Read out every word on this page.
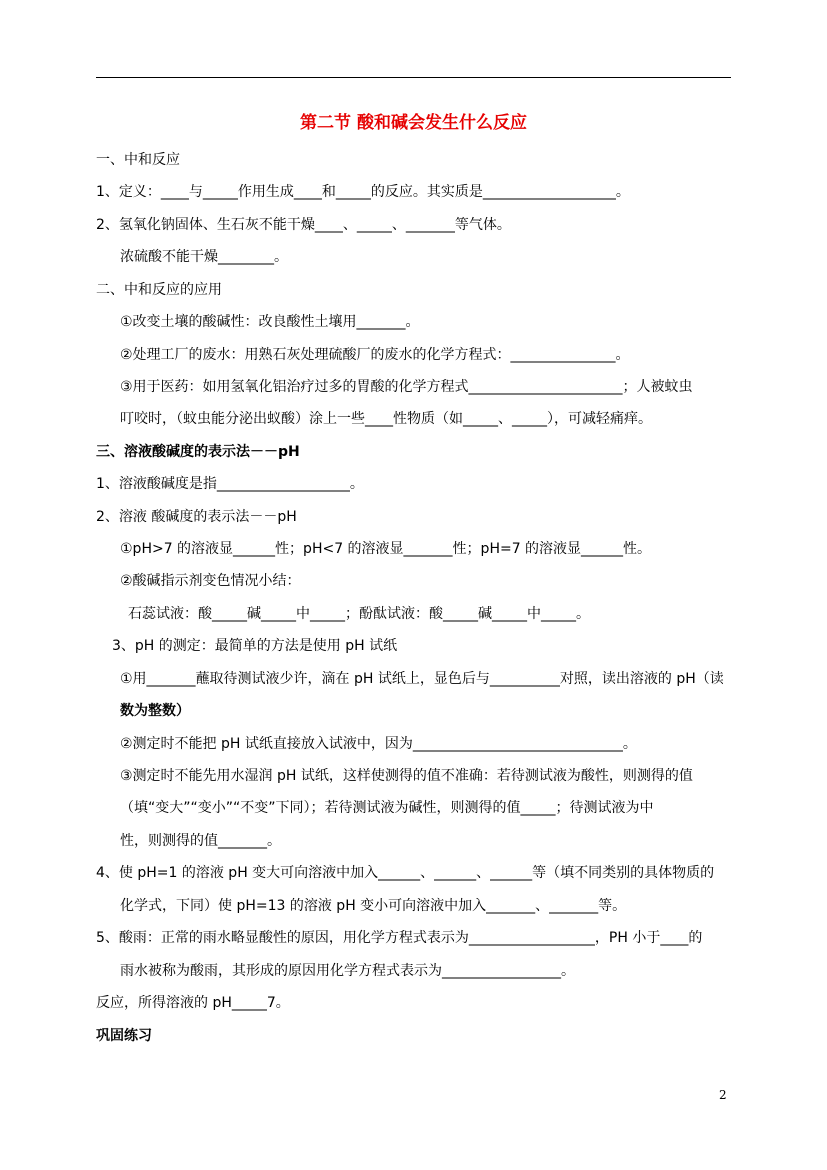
第二节 酸和碱会发生什么反应
一、中和反应
1、定义：____与_____作用生成____和_____的反应。其实质是___________________。
2、氢氧化钠固体、生石灰不能干燥____、_____、_______等气体。
浓硫酸不能干燥________。
二、中和反应的应用
①改变土壤的酸碱性：改良酸性土壤用_______。
②处理工厂的废水：用熟石灰处理硫酸厂的废水的化学方程式：_______________。
③用于医药：如用氢氧化铝治疗过多的胃酸的化学方程式______________________；人被蚊虫
叮咬时，（蚊虫能分泌出蚁酸）涂上一些____性物质（如_____、_____），可减轻痛痒。
三、溶液酸碱度的表示法－－pH
1、溶液酸碱度是指___________________。
2、溶液 酸碱度的表示法－－pH
①pH>7 的溶液显______性；pH<7 的溶液显_______性；pH=7 的溶液显______性。
②酸碱指示剂变色情况小结：
石蕊试液：酸_____碱_____中_____；酚酞试液：酸_____碱_____中_____。
3、pH 的测定：最简单的方法是使用 pH 试纸
①用_______蘸取待测试液少许，滴在 pH 试纸上，显色后与__________对照，读出溶液的 pH（读
数为整数）
②测定时不能把 pH 试纸直接放入试液中，因为______________________________。
③测定时不能先用水湿润 pH 试纸，这样使测得的值不准确：若待测试液为酸性，则测得的值
（填“变大”“变小”“不变”下同）；若待测试液为碱性，则测得的值_____；待测试液为中
性，则测得的值_______。
4、使 pH=1 的溶液 pH 变大可向溶液中加入______、______、______等（填不同类别的具体物质的
化学式，下同）使 pH=13 的溶液 pH 变小可向溶液中加入_______、_______等。
5、酸雨：正常的雨水略显酸性的原因，用化学方程式表示为__________________，PH 小于____的
雨水被称为酸雨，其形成的原因用化学方程式表示为_________________。
反应，所得溶液的 pH_____7。
巩固练习
2
